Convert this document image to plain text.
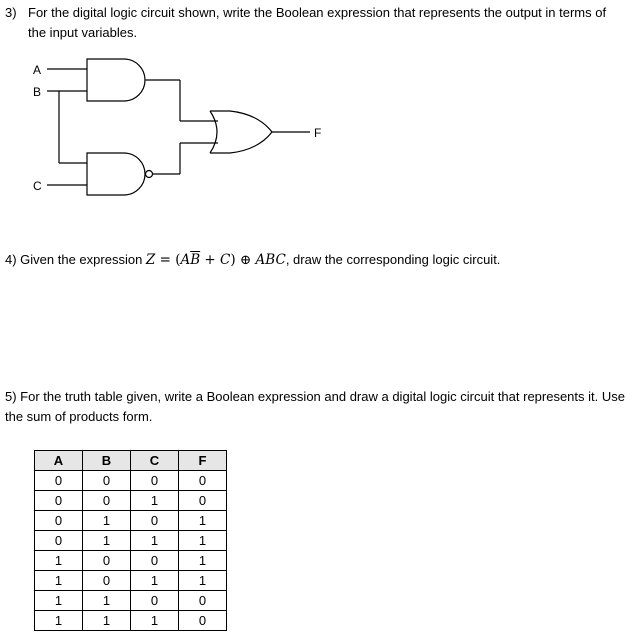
3) For the digital logic circuit shown, write the Boolean expression that represents the output in terms of the input variables.
A
B
C
F
4) Given the expression $Z = (A\overline{B} + C)$ ⊕ ABC, draw the corresponding logic circuit.
5) For the truth table given, write a Boolean expression and draw a digital logic circuit that represents it. Use the sum of products form.
A	B	C	F
0	0	0	0
0	0	1	0
0	1	0	1
0	1	1	1
1	0	0	1
1	0	1	1
1	1	0	0
1	1	1	0
